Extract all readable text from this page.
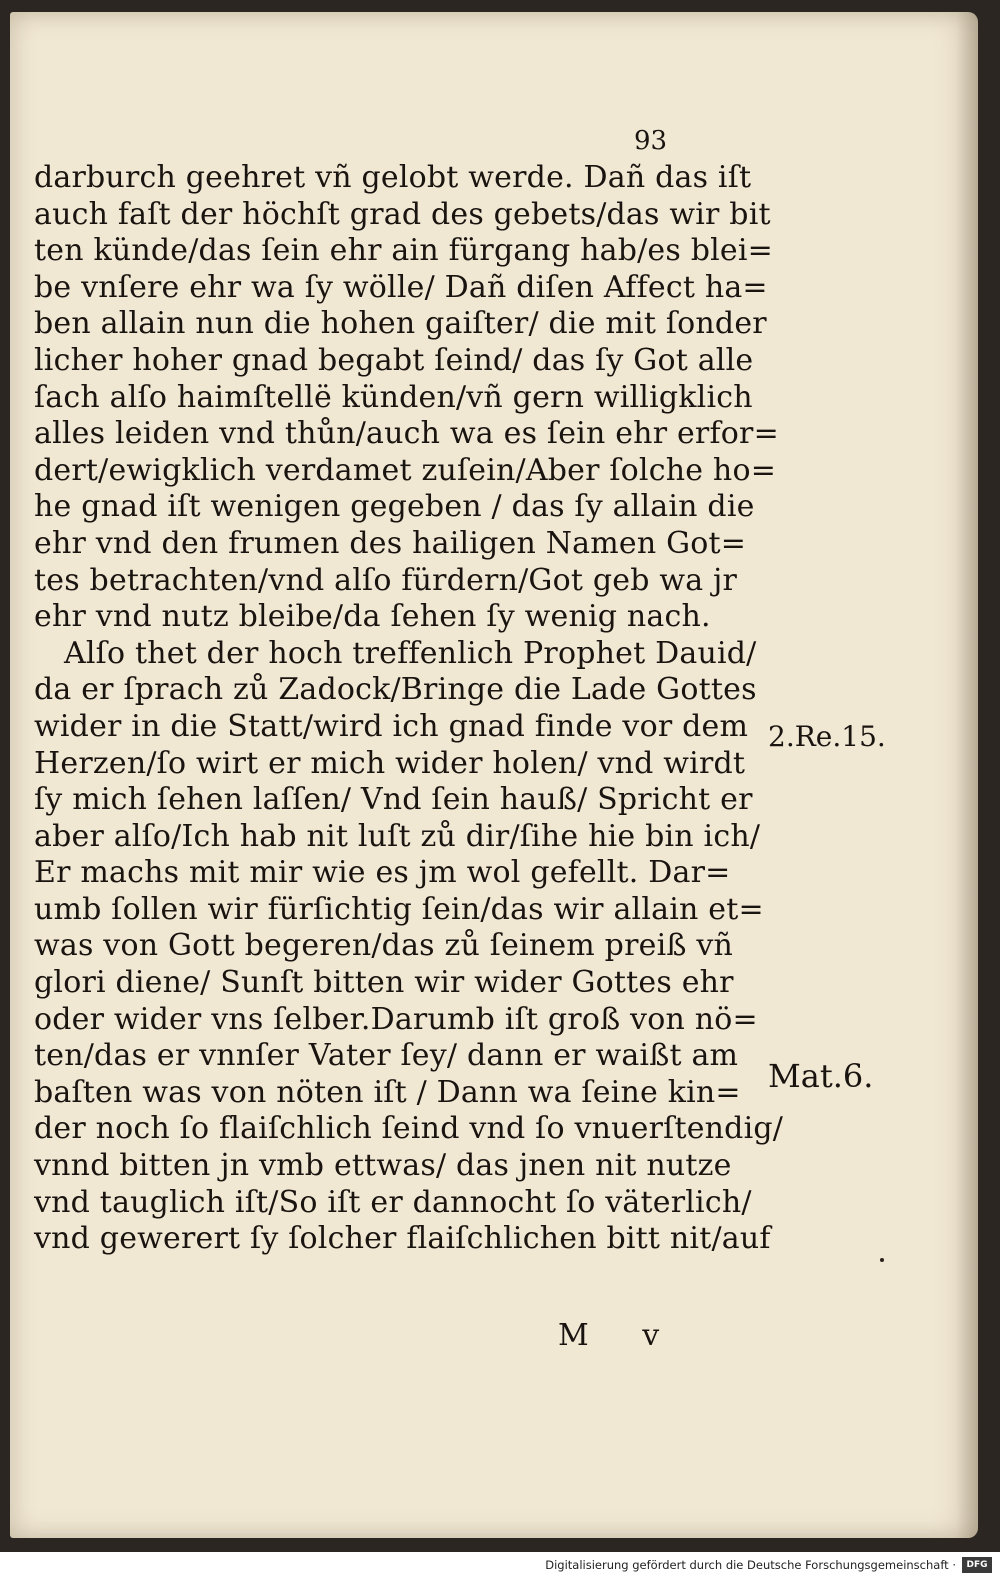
93
darburch geehret vñ gelobt werde. Dañ das iſt
auch faſt der höchſt grad des gebets/das wir bit
ten künde/das ſein ehr ain fürgang hab/es blei=
be vnſere ehr wa ſy wölle/ Dañ diſen Affect ha=
ben allain nun die hohen gaiſter/ die mit ſonder
licher hoher gnad begabt ſeind/ das ſy Got alle
ſach alſo haimſtellë künden/vñ gern willigklich
alles leiden vnd thůn/auch wa es ſein ehr erfor=
dert/ewigklich verdamet zuſein/Aber ſolche ho=
he gnad iſt wenigen gegeben / das ſy allain die
ehr vnd den frumen des hailigen Namen Got=
tes betrachten/vnd alſo fürdern/Got geb wa jr
ehr vnd nutz bleibe/da ſehen ſy wenig nach.
Alſo thet der hoch treffenlich Prophet Dauid/
da er ſprach zů Zadock/Bringe die Lade Gottes
wider in die Statt/wird ich gnad finde vor dem
Herzen/ſo wirt er mich wider holen/ vnd wirdt
ſy mich ſehen laſſen/ Vnd ſein hauß/ Spricht er
aber alſo/Ich hab nit luſt zů dir/ſihe hie bin ich/
Er machs mit mir wie es jm wol gefellt. Dar=
umb ſollen wir fürſichtig ſein/das wir allain et=
was von Gott begeren/das zů ſeinem preiß vñ
glori diene/ Sunſt bitten wir wider Gottes ehr
oder wider vns ſelber.Darumb iſt groß von nö=
ten/das er vnnſer Vater ſey/ dann er waißt am
baſten was von nöten iſt / Dann wa ſeine kin=
der noch ſo flaiſchlich ſeind vnd ſo vnuerſtendig/
vnnd bitten jn vmb ettwas/ das jnen nit nutze
vnd tauglich iſt/So iſt er dannocht ſo väterlich/
vnd gewerert ſy ſolcher flaiſchlichen bitt nit/auf
2.Re.15.
Mat.6.
M v
Digitalisierung gefördert durch die Deutsche Forschungsgemeinschaft ·	DFG
